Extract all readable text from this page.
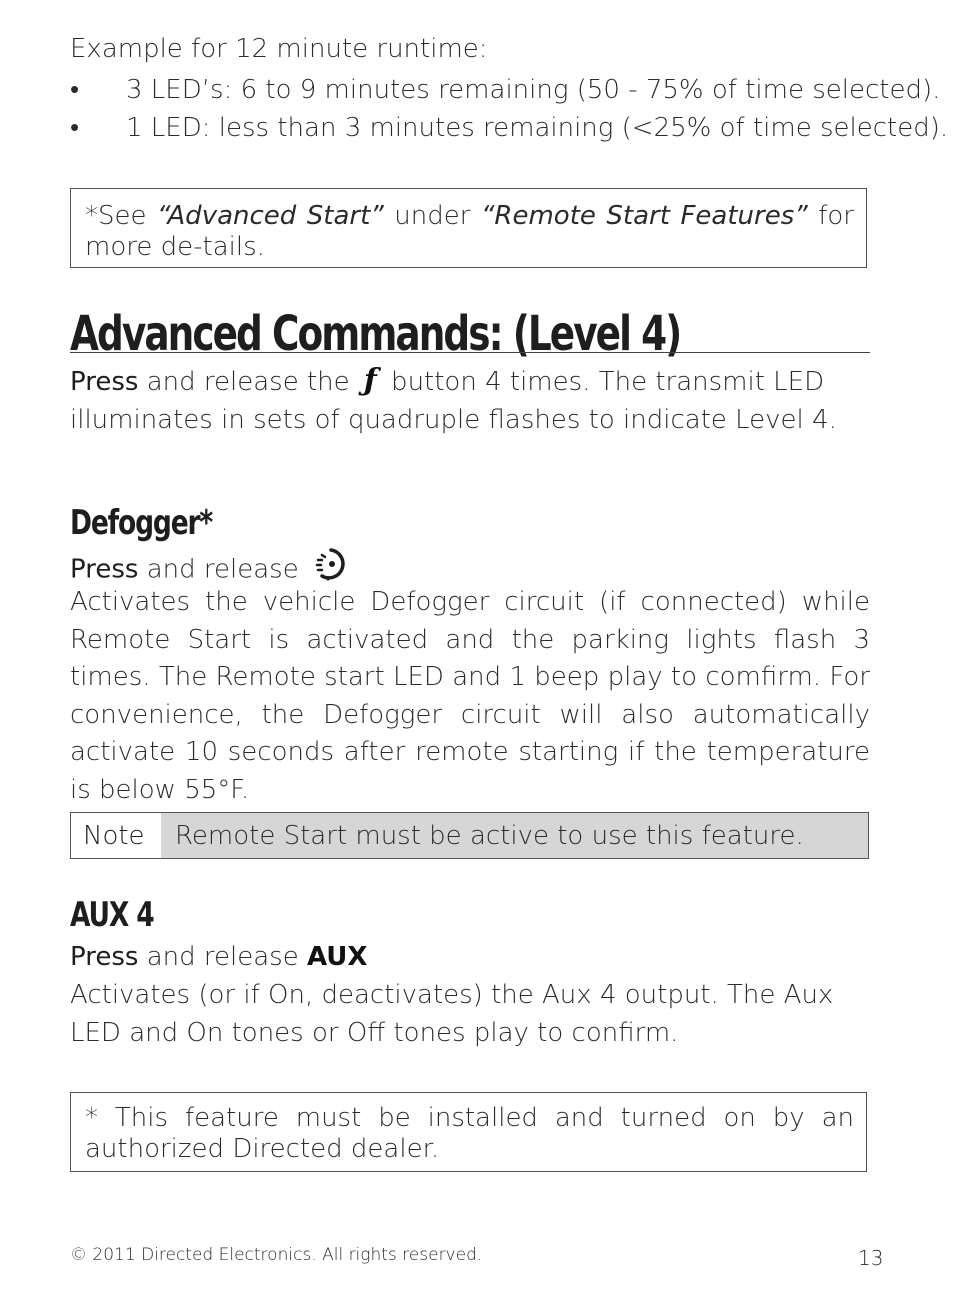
Example for 12 minute runtime:
• 3 LED’s: 6 to 9 minutes remaining (50 - 75% of time selected).
• 1 LED: less than 3 minutes remaining (<25% of time selected).
*See “Advanced Start” under “Remote Start Features” for more de-tails.
Advanced Commands: (Level 4)
Press and release the ƒ button 4 times. The transmit LED illuminates in sets of quadruple flashes to indicate Level 4.
Defogger*
Press and release
Activates the vehicle Defogger circuit (if connected) while Remote Start is activated and the parking lights flash 3 times. The Remote start LED and 1 beep play to comfirm. For convenience, the Defogger circuit will also automatically activate 10 seconds after remote starting if the temperature is below 55°F.
Note	Remote Start must be active to use this feature.
AUX 4
Press and release AUX
Activates (or if On, deactivates) the Aux 4 output. The Aux LED and On tones or Off tones play to confirm.
* This feature must be installed and turned on by an authorized Directed dealer.
© 2011 Directed Electronics. All rights reserved.	13
